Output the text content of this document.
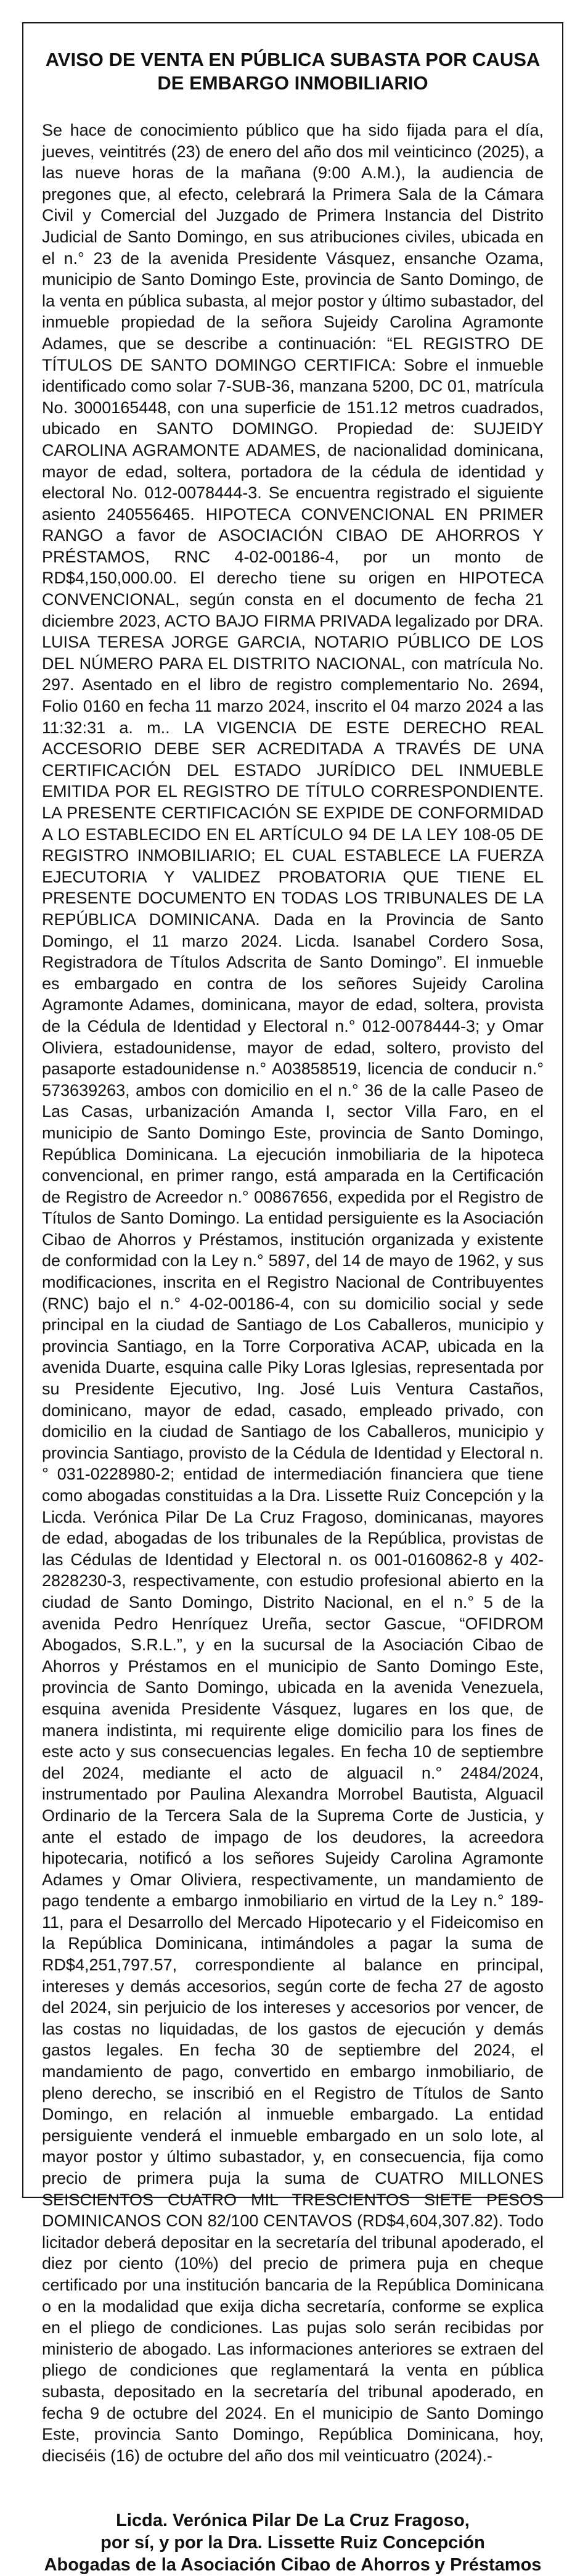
AVISO DE VENTA EN PÚBLICA SUBASTA POR CAUSA
DE EMBARGO INMOBILIARIO

Se hace de conocimiento público que ha sido fijada para el día, jueves, veintitrés (23) de enero del año dos mil veinticinco (2025), a las nueve horas de la mañana (9:00 A.M.), la audiencia de pregones que, al efecto, celebrará la Primera Sala de la Cámara Civil y Comercial del Juzgado de Primera Instancia del Distrito Judicial de Santo Domingo, en sus atribuciones civiles, ubicada en el n.° 23 de la avenida Presidente Vásquez, ensanche Ozama, municipio de Santo Domingo Este, provincia de Santo Domingo, de la venta en pública subasta, al mejor postor y último subastador, del inmueble propiedad de la señora Sujeidy Carolina Agramonte Adames, que se describe a continuación: “EL REGISTRO DE TÍTULOS DE SANTO DOMINGO CERTIFICA: Sobre el inmueble identificado como solar 7-SUB-36, manzana 5200, DC 01, matrícula No. 3000165448, con una superficie de 151.12 metros cuadrados, ubicado en SANTO DOMINGO. Propiedad de: SUJEIDY CAROLINA AGRAMONTE ADAMES, de nacionalidad dominicana, mayor de edad, soltera, portadora de la cédula de identidad y electoral No. 012-0078444-3. Se encuentra registrado el siguiente asiento 240556465. HIPOTECA CONVENCIONAL EN PRIMER RANGO a favor de ASOCIACIÓN CIBAO DE AHORROS Y PRÉSTAMOS, RNC 4-02-00186-4, por un monto de RD$4,150,000.00. El derecho tiene su origen en HIPOTECA CONVENCIONAL, según consta en el documento de fecha 21 diciembre 2023, ACTO BAJO FIRMA PRIVADA legalizado por DRA. LUISA TERESA JORGE GARCIA, NOTARIO PÚBLICO DE LOS DEL NÚMERO PARA EL DISTRITO NACIONAL, con matrícula No. 297. Asentado en el libro de registro complementario No. 2694, Folio 0160 en fecha 11 marzo 2024, inscrito el 04 marzo 2024 a las 11:32:31 a. m.. LA VIGENCIA DE ESTE DERECHO REAL ACCESORIO DEBE SER ACREDITADA A TRAVÉS DE UNA CERTIFICACIÓN DEL ESTADO JURÍDICO DEL INMUEBLE EMITIDA POR EL REGISTRO DE TÍTULO CORRESPONDIENTE. LA PRESENTE CERTIFICACIÓN SE EXPIDE DE CONFORMIDAD A LO ESTABLECIDO EN EL ARTÍCULO 94 DE LA LEY 108-05 DE REGISTRO INMOBILIARIO; EL CUAL ESTABLECE LA FUERZA EJECUTORIA Y VALIDEZ PROBATORIA QUE TIENE EL PRESENTE DOCUMENTO EN TODAS LOS TRIBUNALES DE LA REPÚBLICA DOMINICANA. Dada en la Provincia de Santo Domingo, el 11 marzo 2024. Licda. Isanabel Cordero Sosa, Registradora de Títulos Adscrita de Santo Domingo”. El inmueble es embargado en contra de los señores Sujeidy Carolina Agramonte Adames, dominicana, mayor de edad, soltera, provista de la Cédula de Identidad y Electoral n.° 012-0078444-3; y Omar Oliviera, estadounidense, mayor de edad, soltero, provisto del pasaporte estadounidense n.° A03858519, licencia de conducir n.° 573639263, ambos con domicilio en el n.° 36 de la calle Paseo de Las Casas, urbanización Amanda I, sector Villa Faro, en el municipio de Santo Domingo Este, provincia de Santo Domingo, República Dominicana. La ejecución inmobiliaria de la hipoteca convencional, en primer rango, está amparada en la Certificación de Registro de Acreedor n.° 00867656, expedida por el Registro de Títulos de Santo Domingo. La entidad persiguiente es la Asociación Cibao de Ahorros y Préstamos, institución organizada y existente de conformidad con la Ley n.° 5897, del 14 de mayo de 1962, y sus modificaciones, inscrita en el Registro Nacional de Contribuyentes (RNC) bajo el n.° 4-02-00186-4, con su domicilio social y sede principal en la ciudad de Santiago de Los Caballeros, municipio y provincia Santiago, en la Torre Corporativa ACAP, ubicada en la avenida Duarte, esquina calle Piky Loras Iglesias, representada por su Presidente Ejecutivo, Ing. José Luis Ventura Castaños, dominicano, mayor de edad, casado, empleado privado, con domicilio en la ciudad de Santiago de los Caballeros, municipio y provincia Santiago, provisto de la Cédula de Identidad y Electoral n.° 031-0228980-2; entidad de intermediación financiera que tiene como abogadas constituidas a la Dra. Lissette Ruiz Concepción y la Licda. Verónica Pilar De La Cruz Fragoso, dominicanas, mayores de edad, abogadas de los tribunales de la República, provistas de las Cédulas de Identidad y Electoral n. os 001-0160862-8 y 402-2828230-3, respectivamente, con estudio profesional abierto en la ciudad de Santo Domingo, Distrito Nacional, en el n.° 5 de la avenida Pedro Henríquez Ureña, sector Gascue, “OFIDROM Abogados, S.R.L.”, y en la sucursal de la Asociación Cibao de Ahorros y Préstamos en el municipio de Santo Domingo Este, provincia de Santo Domingo, ubicada en la avenida Venezuela, esquina avenida Presidente Vásquez, lugares en los que, de manera indistinta, mi requirente elige domicilio para los fines de este acto y sus consecuencias legales. En fecha 10 de septiembre del 2024, mediante el acto de alguacil n.° 2484/2024, instrumentado por Paulina Alexandra Morrobel Bautista, Alguacil Ordinario de la Tercera Sala de la Suprema Corte de Justicia, y ante el estado de impago de los deudores, la acreedora hipotecaria, notificó a los señores Sujeidy Carolina Agramonte Adames y Omar Oliviera, respectivamente, un mandamiento de pago tendente a embargo inmobiliario en virtud de la Ley n.° 189-11, para el Desarrollo del Mercado Hipotecario y el Fideicomiso en la República Dominicana, intimándoles a pagar la suma de RD$4,251,797.57, correspondiente al balance en principal, intereses y demás accesorios, según corte de fecha 27 de agosto del 2024, sin perjuicio de los intereses y accesorios por vencer, de las costas no liquidadas, de los gastos de ejecución y demás gastos legales. En fecha 30 de septiembre del 2024, el mandamiento de pago, convertido en embargo inmobiliario, de pleno derecho, se inscribió en el Registro de Títulos de Santo Domingo, en relación al inmueble embargado. La entidad persiguiente venderá el inmueble embargado en un solo lote, al mayor postor y último subastador, y, en consecuencia, fija como precio de primera puja la suma de CUATRO MILLONES SEISCIENTOS CUATRO MIL TRESCIENTOS SIETE PESOS DOMINICANOS CON 82/100 CENTAVOS (RD$4,604,307.82). Todo licitador deberá depositar en la secretaría del tribunal apoderado, el diez por ciento (10%) del precio de primera puja en cheque certificado por una institución bancaria de la República Dominicana o en la modalidad que exija dicha secretaría, conforme se explica en el pliego de condiciones. Las pujas solo serán recibidas por ministerio de abogado. Las informaciones anteriores se extraen del pliego de condiciones que reglamentará la venta en pública subasta, depositado en la secretaría del tribunal apoderado, en fecha 9 de octubre del 2024. En el municipio de Santo Domingo Este, provincia Santo Domingo, República Dominicana, hoy, dieciséis (16) de octubre del año dos mil veinticuatro (2024).-

Licda. Verónica Pilar De La Cruz Fragoso,
por sí, y por la Dra. Lissette Ruiz Concepción
Abogadas de la Asociación Cibao de Ahorros y Préstamos
